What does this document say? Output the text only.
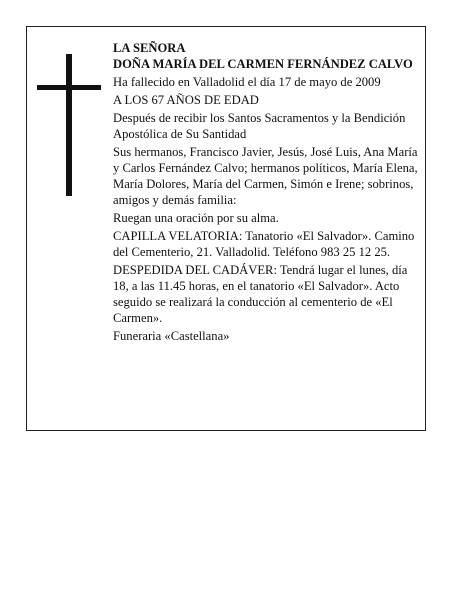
LA SEÑORA

DOÑA MARÍA DEL CARMEN FERNÁNDEZ CALVO

Ha fallecido en Valladolid el día 17 de mayo de 2009

A LOS 67 AÑOS DE EDAD

Después de recibir los Santos Sacramentos y la Bendición Apostólica de Su Santidad

Sus hermanos, Francisco Javier, Jesús, José Luis, Ana María y Carlos Fernández Calvo; hermanos políticos, María Elena, María Dolores, María del Carmen, Simón e Irene; sobrinos, amigos y demás familia:

Ruegan una oración por su alma.

CAPILLA VELATORIA: Tanatorio «El Salvador». Camino del Cementerio, 21. Valladolid. Teléfono 983 25 12 25.

DESPEDIDA DEL CADÁVER: Tendrá lugar el lunes, día 18, a las 11.45 horas, en el tanatorio «El Salvador». Acto seguido se realizará la conducción al cementerio de «El Carmen».

Funeraria «Castellana»
